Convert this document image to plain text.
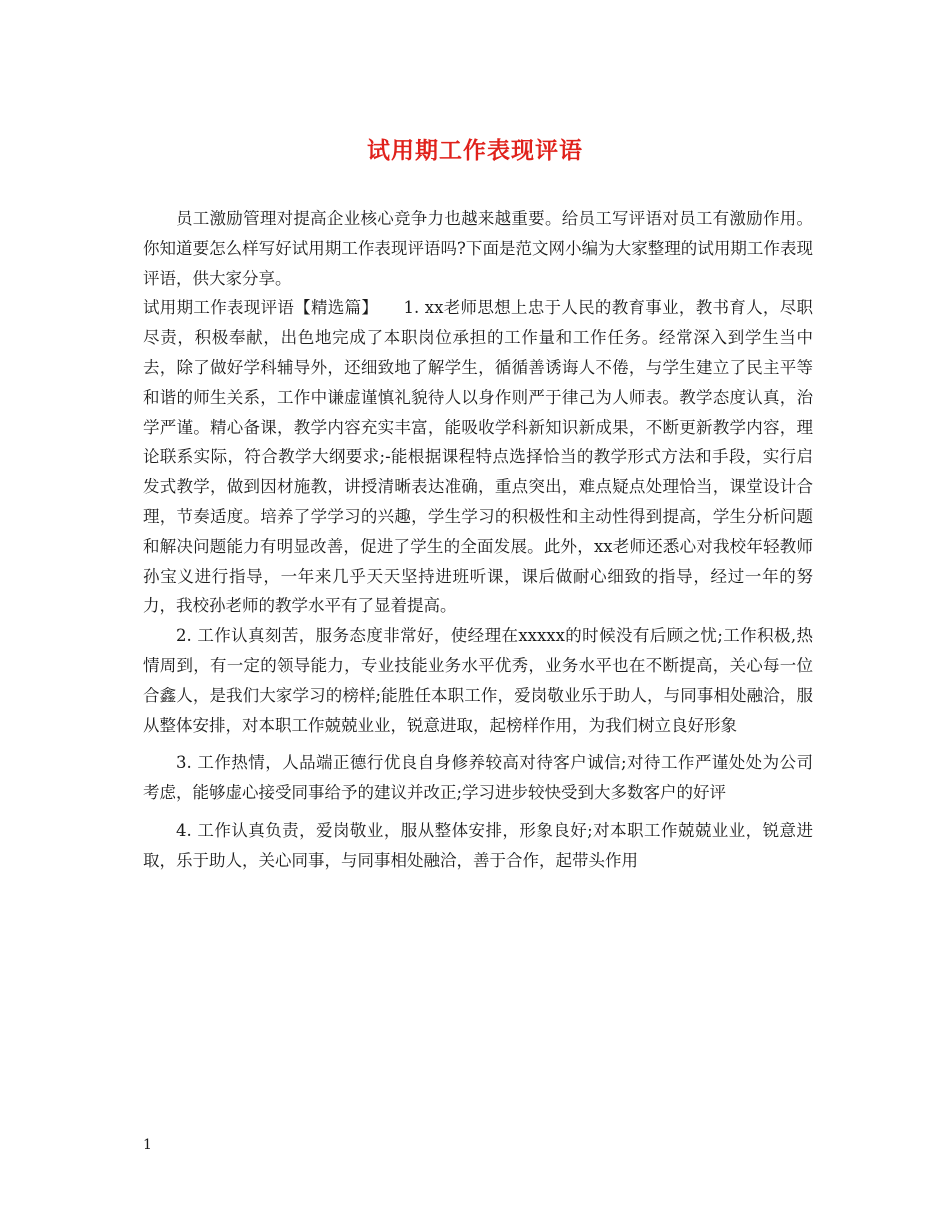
试用期工作表现评语

员工激励管理对提高企业核心竞争力也越来越重要。给员工写评语对员工有激励作用。你知道要怎么样写好试用期工作表现评语吗?下面是范文网小编为大家整理的试用期工作表现评语，供大家分享。

试用期工作表现评语【精选篇】　　1. xx老师思想上忠于人民的教育事业，教书育人，尽职尽责，积极奉献，出色地完成了本职岗位承担的工作量和工作任务。经常深入到学生当中去，除了做好学科辅导外，还细致地了解学生，循循善诱诲人不倦，与学生建立了民主平等和谐的师生关系，工作中谦虚谨慎礼貌待人以身作则严于律己为人师表。教学态度认真，治学严谨。精心备课，教学内容充实丰富，能吸收学科新知识新成果，不断更新教学内容，理论联系实际，符合教学大纲要求;-能根据课程特点选择恰当的教学形式方法和手段，实行启发式教学，做到因材施教，讲授清晰表达准确，重点突出，难点疑点处理恰当，课堂设计合理，节奏适度。培养了学学习的兴趣，学生学习的积极性和主动性得到提高，学生分析问题和解决问题能力有明显改善，促进了学生的全面发展。此外，xx老师还悉心对我校年轻教师孙宝义进行指导，一年来几乎天天坚持进班听课，课后做耐心细致的指导，经过一年的努力，我校孙老师的教学水平有了显着提高。

2. 工作认真刻苦，服务态度非常好，使经理在xxxxx的时候没有后顾之忧;工作积极,热情周到，有一定的领导能力，专业技能业务水平优秀，业务水平也在不断提高，关心每一位合鑫人，是我们大家学习的榜样;能胜任本职工作，爱岗敬业乐于助人，与同事相处融洽，服从整体安排，对本职工作兢兢业业，锐意进取，起榜样作用，为我们树立良好形象

3. 工作热情，人品端正德行优良自身修养较高对待客户诚信;对待工作严谨处处为公司考虑，能够虚心接受同事给予的建议并改正;学习进步较快受到大多数客户的好评

4. 工作认真负责，爱岗敬业，服从整体安排，形象良好;对本职工作兢兢业业，锐意进取，乐于助人，关心同事，与同事相处融洽，善于合作，起带头作用

1
